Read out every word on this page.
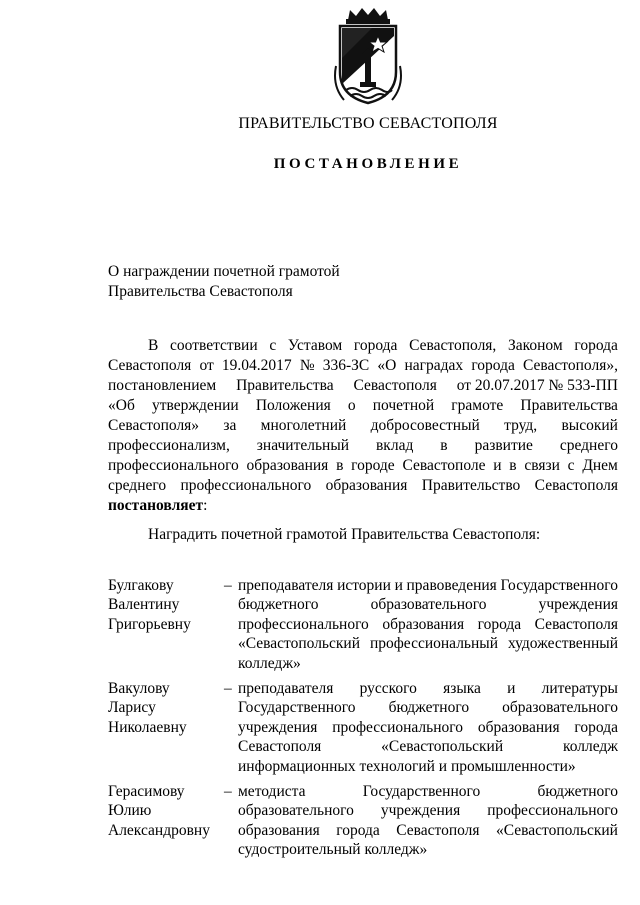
ПРАВИТЕЛЬСТВО СЕВАСТОПОЛЯ
ПОСТАНОВЛЕНИЕ
О награждении почетной грамотой
Правительства Севастополя
В соответствии с Уставом города Севастополя, Законом города
Севастополя от 19.04.2017 № 336-ЗС «О наградах города Севастополя»,
постановлением Правительства Севастополя от 20.07.2017 № 533-ПП
«Об утверждении Положения о почетной грамоте Правительства
Севастополя» за многолетний добросовестный труд, высокий
профессионализм, значительный вклад в развитие среднего
профессионального образования в городе Севастополе и в связи с Днем
среднего профессионального образования Правительство Севастополя
постановляет :
Наградить почетной грамотой Правительства Севастополя:
Булгакову
Валентину
Григорьевну
– преподавателя истории и правоведения Государственного
бюджетного	образовательного	учреждения
профессионального образования города Севастополя
«Севастопольский профессиональный художественный
колледж»
Вакулову
Ларису
Николаевну
– преподавателя русского языка и литературы
Государственного бюджетного образовательного
учреждения профессионального образования города
Севастополя	«Севастопольский	колледж
информационных технологий и промышленности»
Герасимову
Юлию
Александровну
– методиста	Государственного	бюджетного
образовательного учреждения профессионального
образования города Севастополя «Севастопольский
судостроительный колледж»
